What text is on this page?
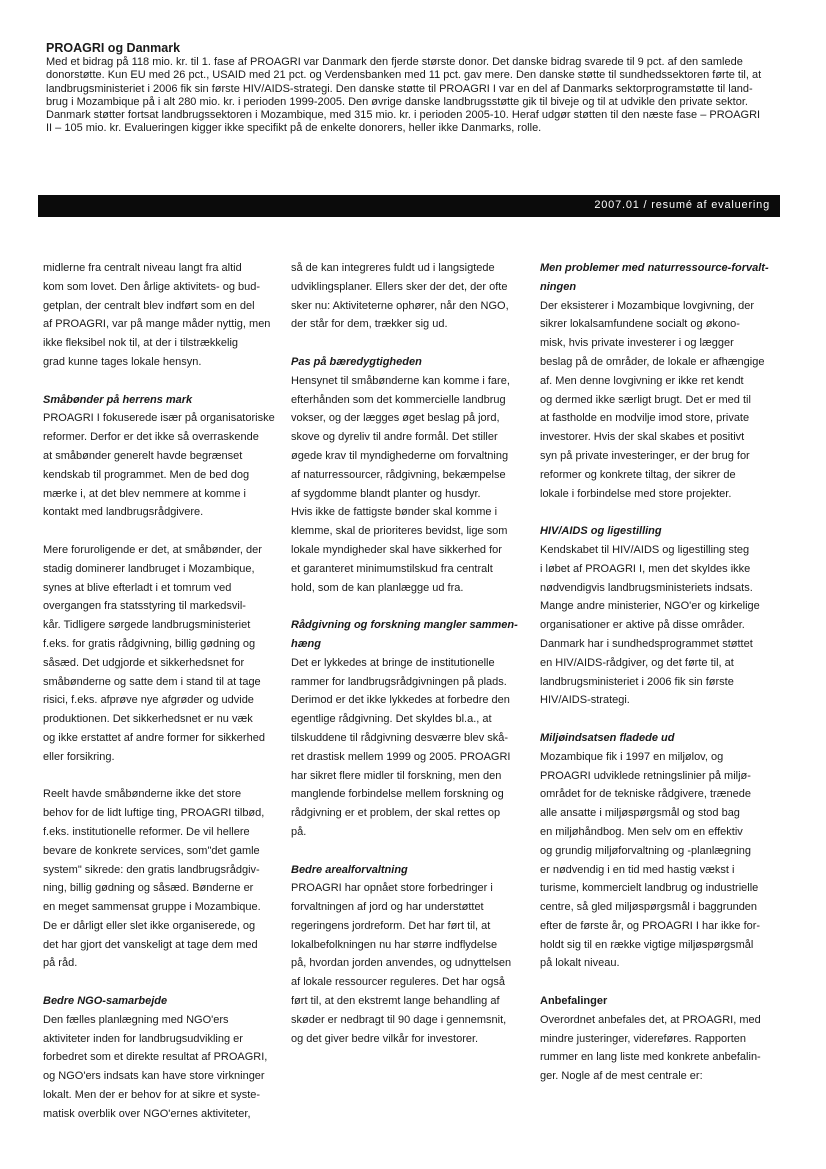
PROAGRI og Danmark
Med et bidrag på 118 mio. kr. til 1. fase af PROAGRI var Danmark den fjerde største donor. Det danske bidrag svarede til 9 pct. af den samlede
donorstøtte. Kun EU med 26 pct., USAID med 21 pct. og Verdensbanken med 11 pct. gav mere. Den danske støtte til sundhedssektoren førte til, at
landbrugsministeriet i 2006 fik sin første HIV/AIDS-strategi. Den danske støtte til PROAGRI I var en del af Danmarks sektorprogramstøtte til land-
brug i Mozambique på i alt 280 mio. kr. i perioden 1999-2005. Den øvrige danske landbrugsstøtte gik til biveje og til at udvikle den private sektor.
Danmark støtter fortsat landbrugssektoren i Mozambique, med 315 mio. kr. i perioden 2005-10. Heraf udgør støtten til den næste fase – PROAGRI
II – 105 mio. kr. Evalueringen kigger ikke specifikt på de enkelte donorers, heller ikke Danmarks, rolle.
2007.01 / resumé af evaluering
midlerne fra centralt niveau langt fra altid
kom som lovet. Den årlige aktivitets- og bud-
getplan, der centralt blev indført som en del
af PROAGRI, var på mange måder nyttig, men
ikke fleksibel nok til, at der i tilstrækkelig
grad kunne tages lokale hensyn.
Småbønder på herrens mark
PROAGRI I fokuserede især på organisatoriske
reformer. Derfor er det ikke så overraskende
at småbønder generelt havde begrænset
kendskab til programmet. Men de bed dog
mærke i, at det blev nemmere at komme i
kontakt med landbrugsrådgivere.
Mere foruroligende er det, at småbønder, der
stadig dominerer landbruget i Mozambique,
synes at blive efterladt i et tomrum ved
overgangen fra statsstyring til markedsvil-
kår. Tidligere sørgede landbrugsministeriet
f.eks. for gratis rådgivning, billig gødning og
såsæd. Det udgjorde et sikkerhedsnet for
småbønderne og satte dem i stand til at tage
risici, f.eks. afprøve nye afgrøder og udvide
produktionen. Det sikkerhedsnet er nu væk
og ikke erstattet af andre former for sikkerhed
eller forsikring.
Reelt havde småbønderne ikke det store
behov for de lidt luftige ting, PROAGRI tilbød,
f.eks. institutionelle reformer. De vil hellere
bevare de konkrete services, som"det gamle
system" sikrede: den gratis landbrugsrådgiv-
ning, billig gødning og såsæd. Bønderne er
en meget sammensat gruppe i Mozambique.
De er dårligt eller slet ikke organiserede, og
det har gjort det vanskeligt at tage dem med
på råd.
Bedre NGO-samarbejde
Den fælles planlægning med NGO'ers
aktiviteter inden for landbrugsudvikling er
forbedret som et direkte resultat af PROAGRI,
og NGO'ers indsats kan have store virkninger
lokalt. Men der er behov for at sikre et syste-
matisk overblik over NGO'ernes aktiviteter,
så de kan integreres fuldt ud i langsigtede
udviklingsplaner. Ellers sker der det, der ofte
sker nu: Aktiviteterne ophører, når den NGO,
der står for dem, trækker sig ud.
Pas på bæredygtigheden
Hensynet til småbønderne kan komme i fare,
efterhånden som det kommercielle landbrug
vokser, og der lægges øget beslag på jord,
skove og dyreliv til andre formål. Det stiller
øgede krav til myndighederne om forvaltning
af naturressourcer, rådgivning, bekæmpelse
af sygdomme blandt planter og husdyr.
Hvis ikke de fattigste bønder skal komme i
klemme, skal de prioriteres bevidst, lige som
lokale myndigheder skal have sikkerhed for
et garanteret minimumstilskud fra centralt
hold, som de kan planlægge ud fra.
Rådgivning og forskning mangler sammen-
hæng
Det er lykkedes at bringe de institutionelle
rammer for landbrugsrådgivningen på plads.
Derimod er det ikke lykkedes at forbedre den
egentlige rådgivning. Det skyldes bl.a., at
tilskuddene til rådgivning desværre blev skå-
ret drastisk mellem 1999 og 2005. PROAGRI
har sikret flere midler til forskning, men den
manglende forbindelse mellem forskning og
rådgivning er et problem, der skal rettes op
på.
Bedre arealforvaltning
PROAGRI har opnået store forbedringer i
forvaltningen af jord og har understøttet
regeringens jordreform. Det har ført til, at
lokalbefolkningen nu har større indflydelse
på, hvordan jorden anvendes, og udnyttelsen
af lokale ressourcer reguleres. Det har også
ført til, at den ekstremt lange behandling af
skøder er nedbragt til 90 dage i gennemsnit,
og det giver bedre vilkår for investorer.
Men problemer med naturressource-forvalt-
ningen
Der eksisterer i Mozambique lovgivning, der
sikrer lokalsamfundene socialt og økono-
misk, hvis private investerer i og lægger
beslag på de områder, de lokale er afhængige
af. Men denne lovgivning er ikke ret kendt
og dermed ikke særligt brugt. Det er med til
at fastholde en modvilje imod store, private
investorer. Hvis der skal skabes et positivt
syn på private investeringer, er der brug for
reformer og konkrete tiltag, der sikrer de
lokale i forbindelse med store projekter.
HIV/AIDS og ligestilling
Kendskabet til HIV/AIDS og ligestilling steg
i løbet af PROAGRI I, men det skyldes ikke
nødvendigvis landbrugsministeriets indsats.
Mange andre ministerier, NGO'er og kirkelige
organisationer er aktive på disse områder.
Danmark har i sundhedsprogrammet støttet
en HIV/AIDS-rådgiver, og det førte til, at
landbrugsministeriet i 2006 fik sin første
HIV/AIDS-strategi.
Miljøindsatsen fladede ud
Mozambique fik i 1997 en miljølov, og
PROAGRI udviklede retningslinier på miljø-
området for de tekniske rådgivere, trænede
alle ansatte i miljøspørgsmål og stod bag
en miljøhåndbog. Men selv om en effektiv
og grundig miljøforvaltning og -planlægning
er nødvendig i en tid med hastig vækst i
turisme, kommercielt landbrug og industrielle
centre, så gled miljøspørgsmål i baggrunden
efter de første år, og PROAGRI I har ikke for-
holdt sig til en række vigtige miljøspørgsmål
på lokalt niveau.
Anbefalinger
Overordnet anbefales det, at PROAGRI, med
mindre justeringer, videreføres. Rapporten
rummer en lang liste med konkrete anbefalin-
ger. Nogle af de mest centrale er:
